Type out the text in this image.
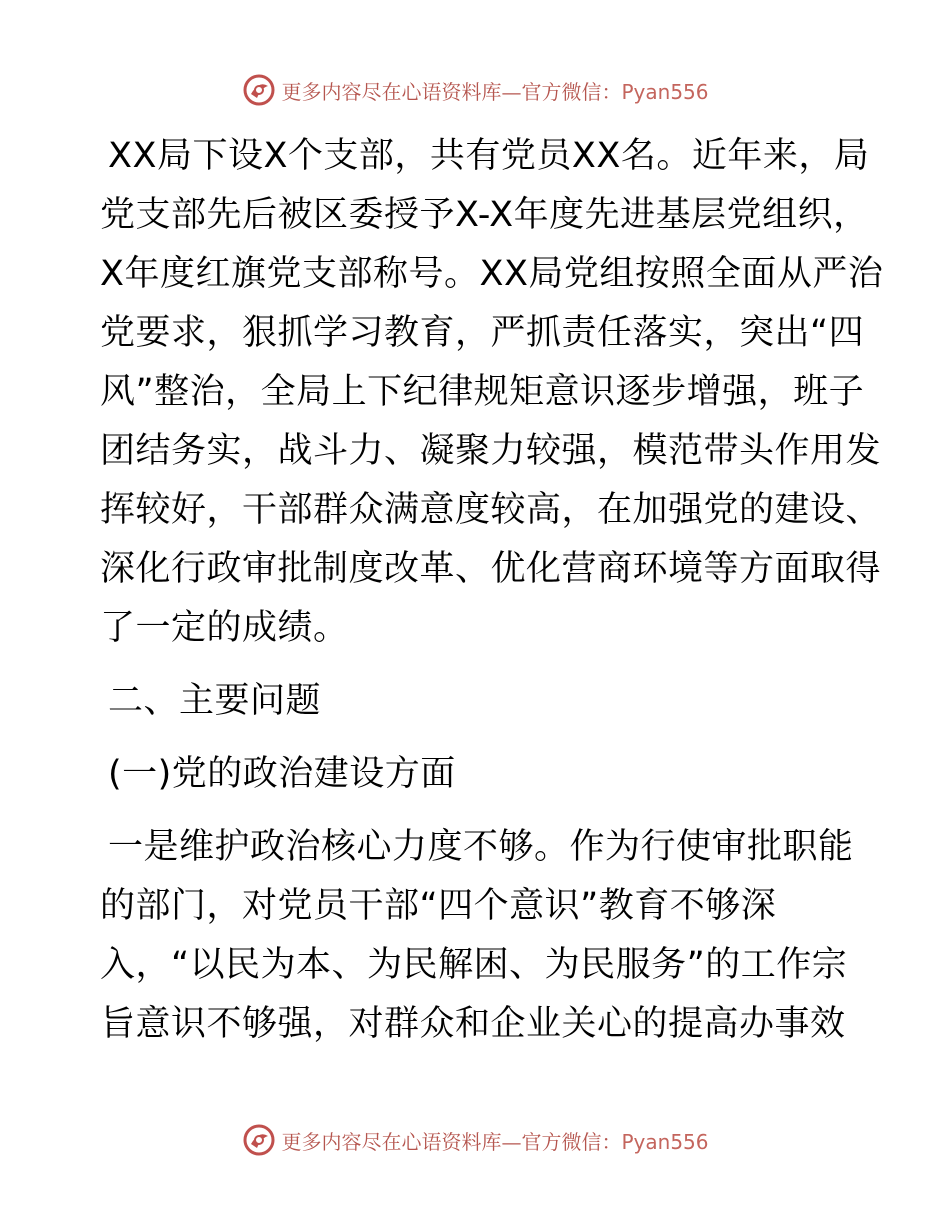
更多内容尽在心语资料库—官方微信：Pyan556
XX局下设X个支部，共有党员XX名。近年来，局
党支部先后被区委授予X-X年度先进基层党组织，
X年度红旗党支部称号。XX局党组按照全面从严治
党要求，狠抓学习教育，严抓责任落实，突出“四
风”整治，全局上下纪律规矩意识逐步增强，班子
团结务实，战斗力、凝聚力较强，模范带头作用发
挥较好，干部群众满意度较高，在加强党的建设、
深化行政审批制度改革、优化营商环境等方面取得
了一定的成绩。
二、主要问题
(一)党的政治建设方面
一是维护政治核心力度不够。作为行使审批职能
的部门，对党员干部“四个意识”教育不够深
入，“以民为本、为民解困、为民服务”的工作宗
旨意识不够强，对群众和企业关心的提高办事效
更多内容尽在心语资料库—官方微信：Pyan556
